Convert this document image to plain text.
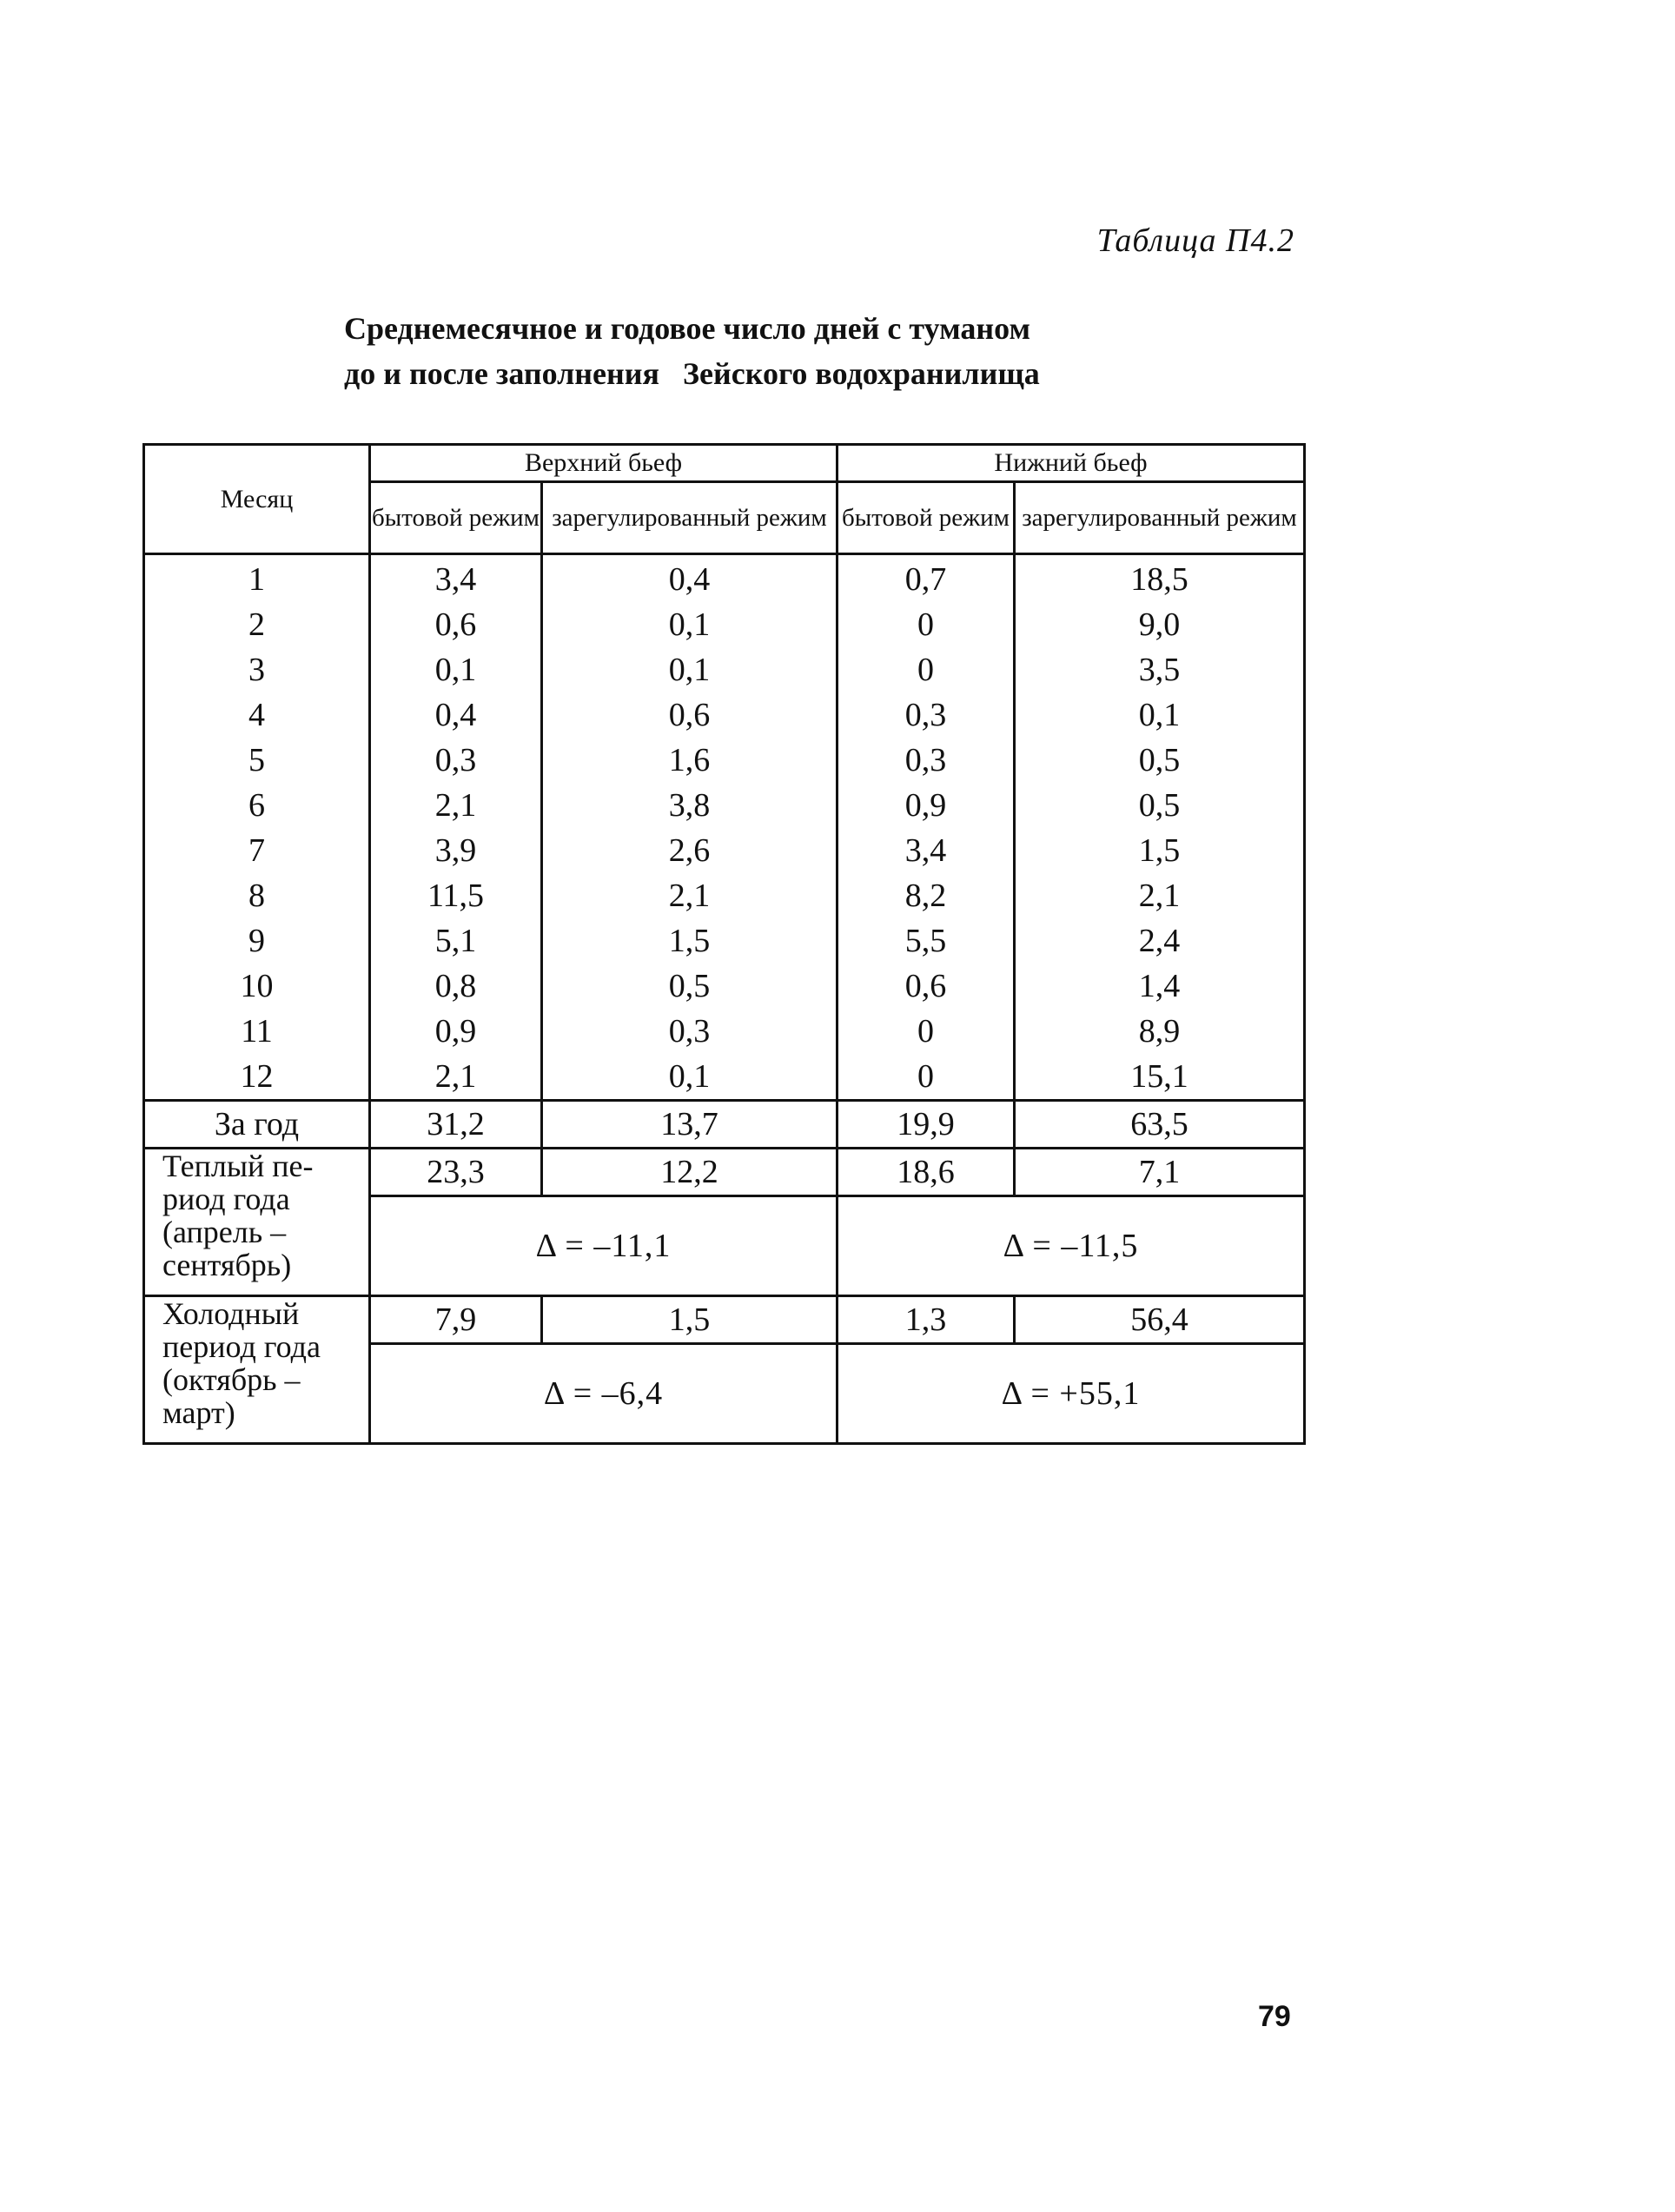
Таблица П4.2
Среднемесячное и годовое число дней с туманом
до и после заполнения   Зейского водохранилища
Месяц	Верхний бьеф		Нижний бьеф	
	бытовой режим	зарегулированный режим	бытовой режим	зарегулированный режим
1	3,4	0,4	0,7	18,5
2	0,6	0,1	0	9,0
3	0,1	0,1	0	3,5
4	0,4	0,6	0,3	0,1
5	0,3	1,6	0,3	0,5
6	2,1	3,8	0,9	0,5
7	3,9	2,6	3,4	1,5
8	11,5	2,1	8,2	2,1
9	5,1	1,5	5,5	2,4
10	0,8	0,5	0,6	1,4
11	0,9	0,3	0	8,9
12	2,1	0,1	0	15,1
За год	31,2	13,7	19,9	63,5
Теплый пе-
риод года
(апрель –
сентябрь)	23,3	12,2	18,6	7,1
	Δ = –11,1		Δ = –11,5	
Холодный
период года
(октябрь –
март)	7,9	1,5	1,3	56,4
	Δ = –6,4		Δ = +55,1	
79
